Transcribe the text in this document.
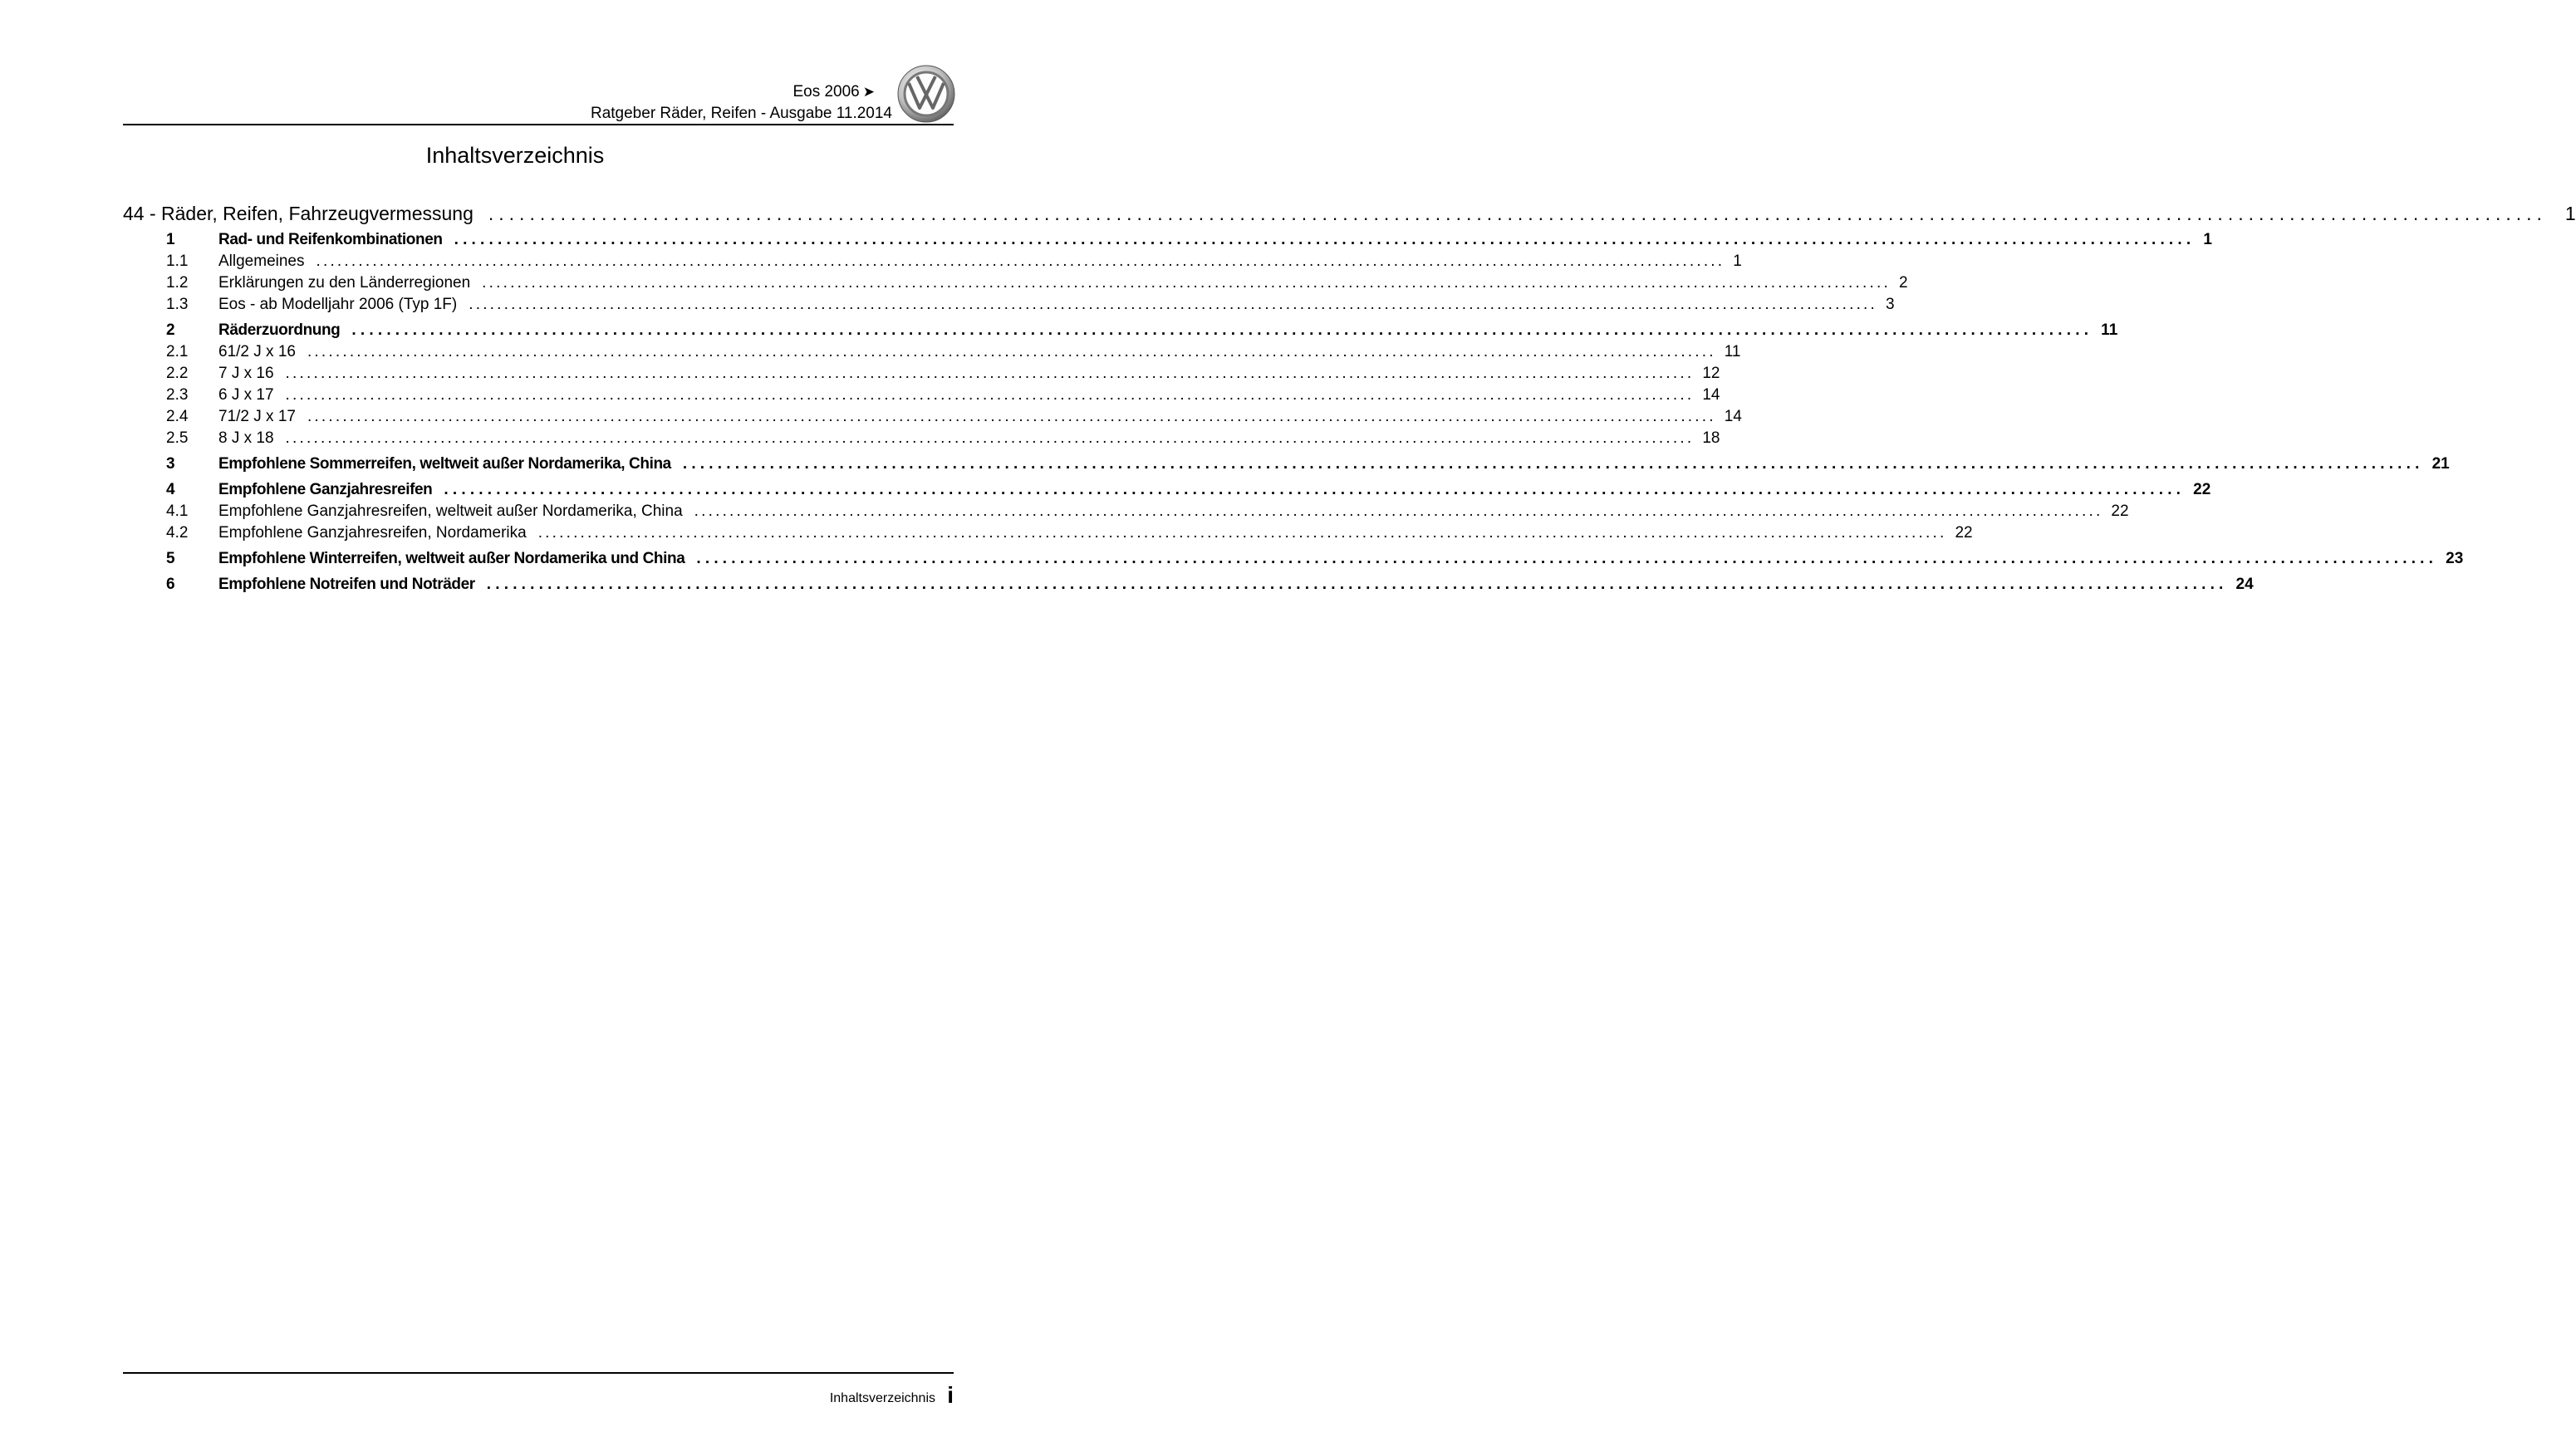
Eos 2006 ➤
Ratgeber Räder, Reifen - Ausgabe 11.2014
Inhaltsverzeichnis
44 - Räder, Reifen, Fahrzeugvermessung ........................................................................................................................................................................................................ 1
1	Rad- und Reifenkombinationen ........................................................................................................................................................................................................ 1
1.1	Allgemeines ........................................................................................................................................................................................................ 1
1.2	Erklärungen zu den Länderregionen ........................................................................................................................................................................................................ 2
1.3	Eos - ab Modelljahr 2006 (Typ 1F) ........................................................................................................................................................................................................ 3
2	Räderzuordnung ........................................................................................................................................................................................................ 11
2.1	61/2 J x 16 ........................................................................................................................................................................................................ 11
2.2	7 J x 16 ........................................................................................................................................................................................................ 12
2.3	6 J x 17 ........................................................................................................................................................................................................ 14
2.4	71/2 J x 17 ........................................................................................................................................................................................................ 14
2.5	8 J x 18 ........................................................................................................................................................................................................ 18
3	Empfohlene Sommerreifen, weltweit außer Nordamerika, China ........................................................................................................................................................................................................ 21
4	Empfohlene Ganzjahresreifen ........................................................................................................................................................................................................ 22
4.1	Empfohlene Ganzjahresreifen, weltweit außer Nordamerika, China ........................................................................................................................................................................................................ 22
4.2	Empfohlene Ganzjahresreifen, Nordamerika ........................................................................................................................................................................................................ 22
5	Empfohlene Winterreifen, weltweit außer Nordamerika und China ........................................................................................................................................................................................................ 23
6	Empfohlene Notreifen und Noträder ........................................................................................................................................................................................................ 24
Inhaltsverzeichnis i
